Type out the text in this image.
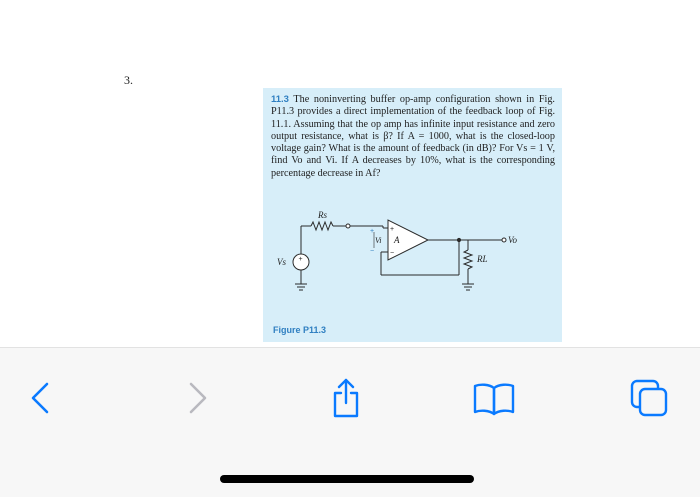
3.

11.3 The noninverting buffer op-amp configuration shown in Fig. P11.3 provides a direct implementation of the feedback loop of Fig. 11.1. Assuming that the op amp has infinite input resistance and zero output resistance, what is β? If A = 1000, what is the closed-loop voltage gain? What is the amount of feedback (in dB)? For Vs = 1 V, find Vo and Vi. If A decreases by 10%, what is the corresponding percentage decrease in Af?

Rs
Vs
Vo
RL
Vi A
+
+
−
+
−
Figure P11.3
